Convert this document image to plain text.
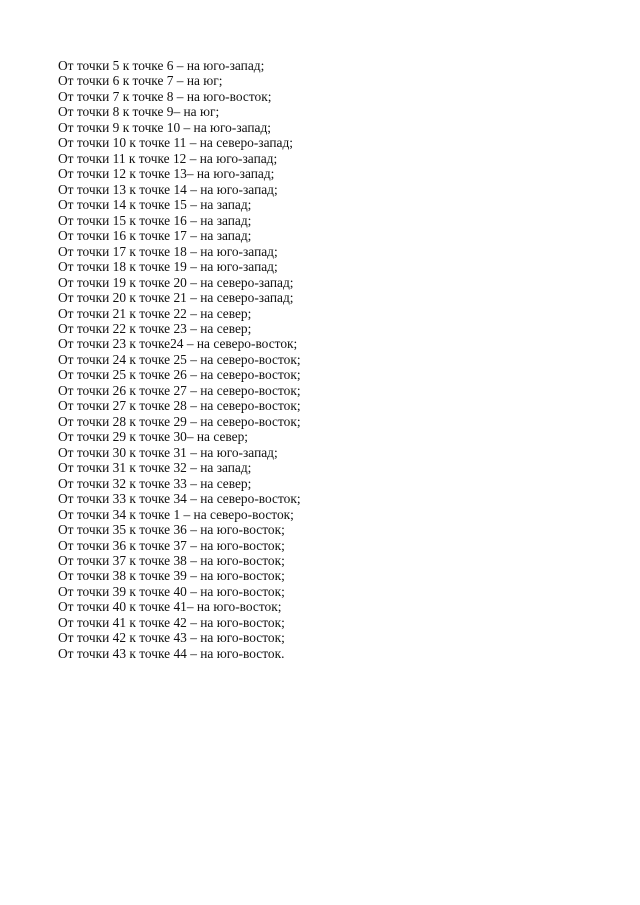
От точки 5 к точке 6 – на юго-запад;
От точки 6 к точке 7 – на юг;
От точки 7 к точке 8 – на юго-восток;
От точки 8 к точке 9– на юг;
От точки 9 к точке 10 – на юго-запад;
От точки 10 к точке 11 – на северо-запад;
От точки 11 к точке 12 – на юго-запад;
От точки 12 к точке 13– на юго-запад;
От точки 13 к точке 14 – на юго-запад;
От точки 14 к точке 15 – на запад;
От точки 15 к точке 16 – на запад;
От точки 16 к точке 17 – на запад;
От точки 17 к точке 18 – на юго-запад;
От точки 18 к точке 19 – на юго-запад;
От точки 19 к точке 20 – на северо-запад;
От точки 20 к точке 21 – на северо-запад;
От точки 21 к точке 22 – на север;
От точки 22 к точке 23 – на север;
От точки 23 к точке24 – на северо-восток;
От точки 24 к точке 25 – на северо-восток;
От точки 25 к точке 26 – на северо-восток;
От точки 26 к точке 27 – на северо-восток;
От точки 27 к точке 28 – на северо-восток;
От точки 28 к точке 29 – на северо-восток;
От точки 29 к точке 30– на север;
От точки 30 к точке 31 – на юго-запад;
От точки 31 к точке 32 – на запад;
От точки 32 к точке 33 – на север;
От точки 33 к точке 34 – на северо-восток;
От точки 34 к точке 1 – на северо-восток;
От точки 35 к точке 36 – на юго-восток;
От точки 36 к точке 37 – на юго-восток;
От точки 37 к точке 38 – на юго-восток;
От точки 38 к точке 39 – на юго-восток;
От точки 39 к точке 40 – на юго-восток;
От точки 40 к точке 41– на юго-восток;
От точки 41 к точке 42 – на юго-восток;
От точки 42 к точке 43 – на юго-восток;
От точки 43 к точке 44 – на юго-восток.
